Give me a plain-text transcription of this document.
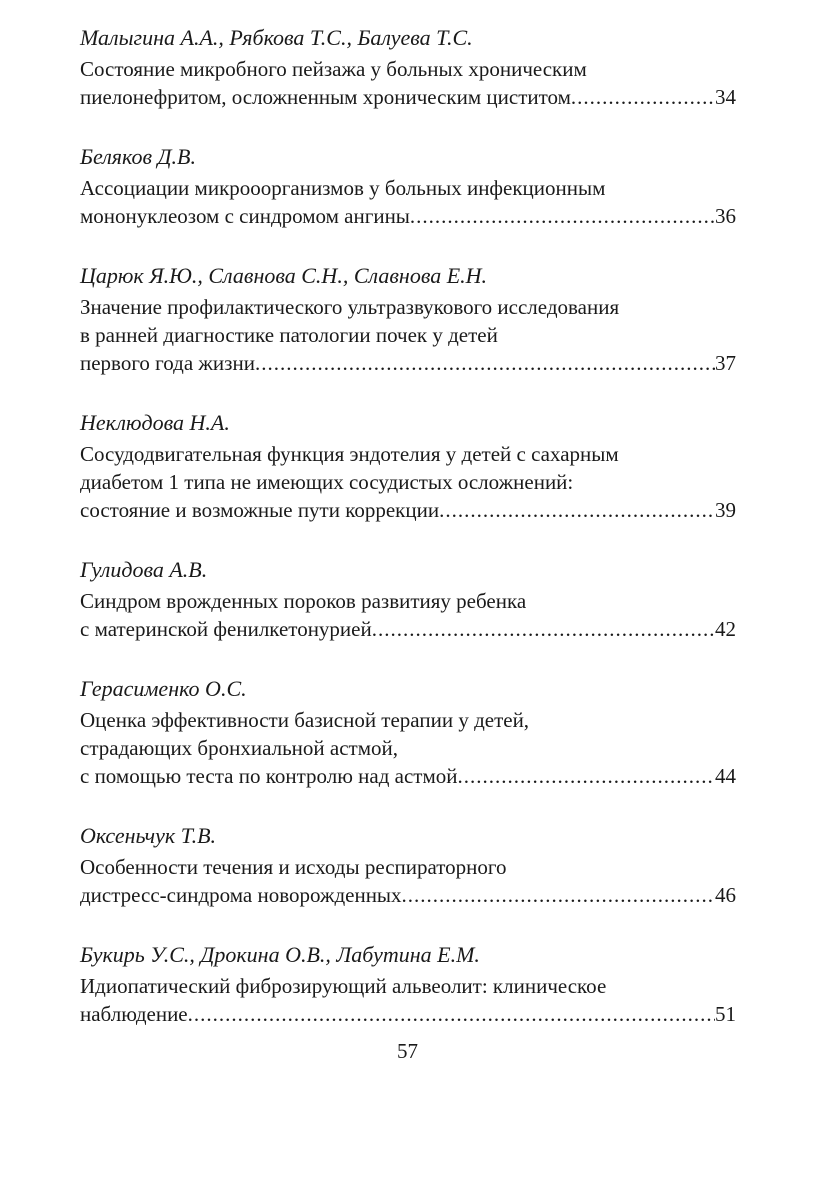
Малыгина А.А., Рябкова Т.С., Балуева Т.С.
Состояние микробного пейзажа у больных хроническим
пиелонефритом, осложненным хроническим циститом .....	34
Беляков Д.В.
Ассоциации микрооорганизмов у больных инфекционным
мононуклеозом с синдромом ангины .....	36
Царюк Я.Ю., Славнова С.Н., Славнова Е.Н.
Значение профилактического ультразвукового исследования
в ранней диагностике патологии почек у детей
первого года жизни .....	37
Неклюдова Н.А.
Сосудодвигательная функция эндотелия у детей с сахарным
диабетом 1 типа не имеющих сосудистых осложнений:
состояние и возможные пути коррекции .....	39
Гулидова А.В.
Синдром врожденных пороков развитияу ребенка
с материнской фенилкетонурией .....	42
Герасименко О.С.
Оценка эффективности базисной терапии у детей,
страдающих бронхиальной астмой,
с помощью теста по контролю над астмой .....	44
Оксеньчук Т.В.
Особенности течения и исходы респираторного
дистресс-синдрома новорожденных .....	46
Букирь У.С., Дрокина О.В., Лабутина Е.М.
Идиопатический фиброзирующий альвеолит: клиническое
наблюдение .....	51
57
